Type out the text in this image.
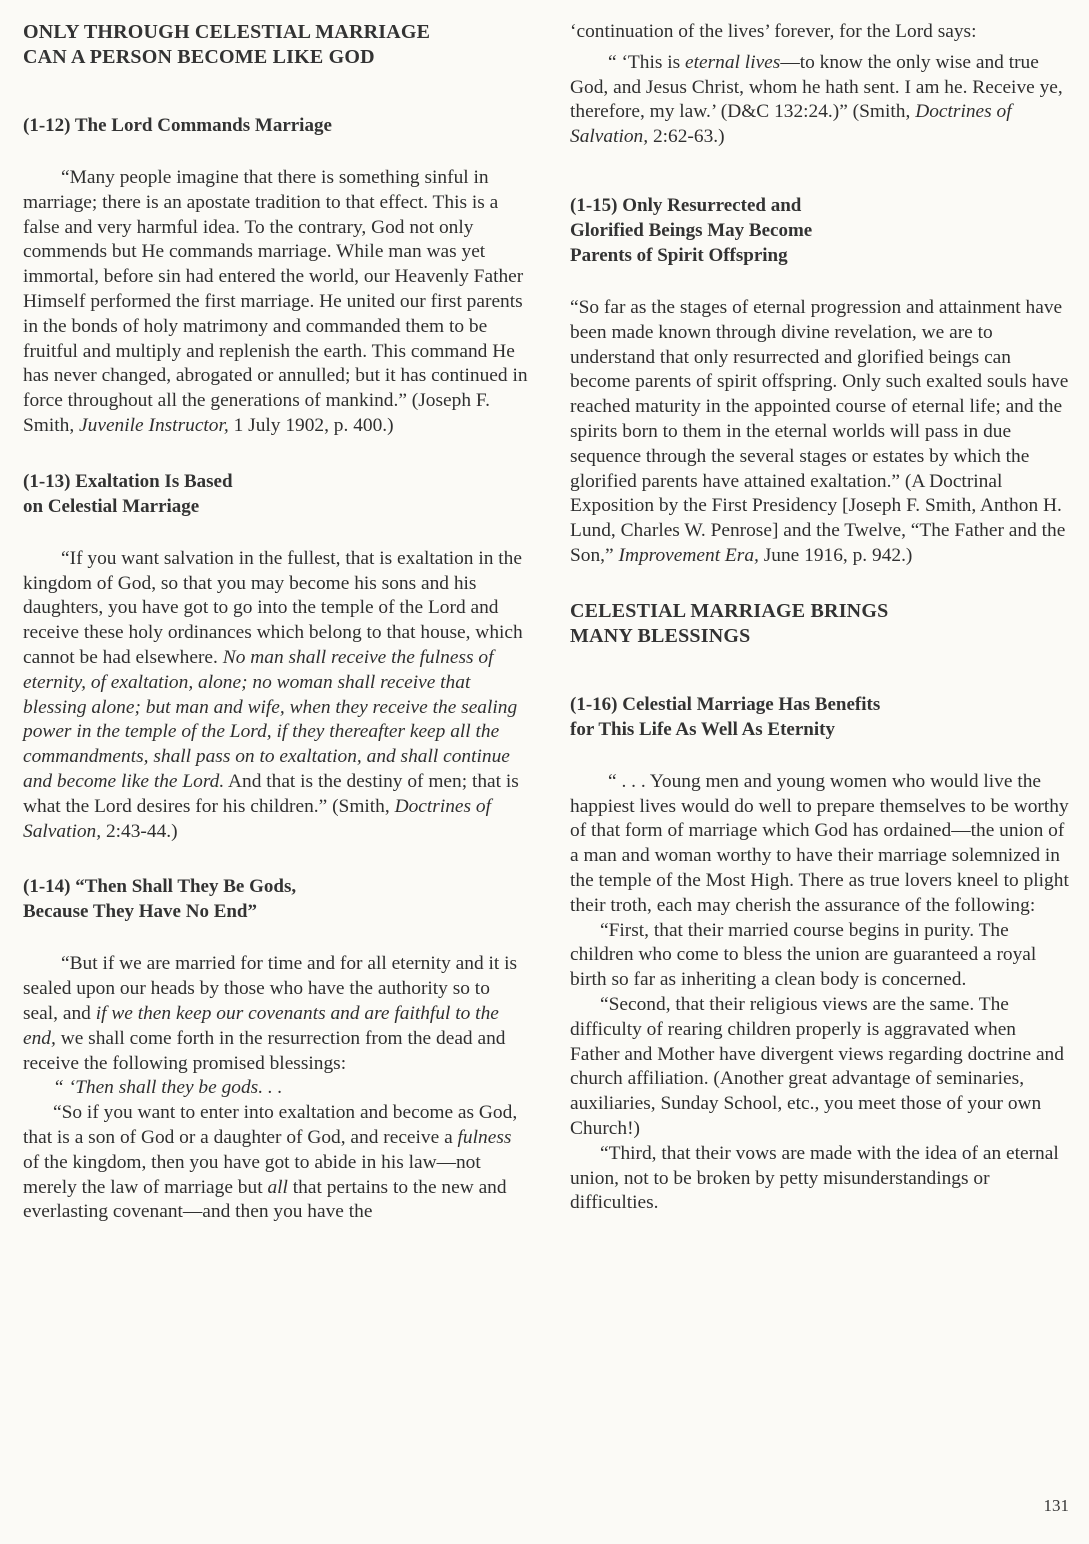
ONLY THROUGH CELESTIAL MARRIAGE
CAN A PERSON BECOME LIKE GOD
(1-12) The Lord Commands Marriage

“Many people imagine that there is something sinful in marriage; there is an apostate tradition to that effect. This is a false and very harmful idea. To the contrary, God not only commends but He commands marriage. While man was yet immortal, before sin had entered the world, our Heavenly Father Himself performed the first marriage. He united our first parents in the bonds of holy matrimony and commanded them to be fruitful and multiply and replenish the earth. This command He has never changed, abrogated or annulled; but it has continued in force throughout all the generations of mankind.” (Joseph F. Smith, Juvenile Instructor, 1 July 1902, p. 400.)

(1-13) Exaltation Is Based
on Celestial Marriage

“If you want salvation in the fullest, that is exaltation in the kingdom of God, so that you may become his sons and his daughters, you have got to go into the temple of the Lord and receive these holy ordinances which belong to that house, which cannot be had elsewhere. No man shall receive the fulness of eternity, of exaltation, alone; no woman shall receive that blessing alone; but man and wife, when they receive the sealing power in the temple of the Lord, if they thereafter keep all the commandments, shall pass on to exaltation, and shall continue and become like the Lord. And that is the destiny of men; that is what the Lord desires for his children.” (Smith, Doctrines of Salvation, 2:43-44.)

(1-14) “Then Shall They Be Gods,
Because They Have No End”

“But if we are married for time and for all eternity and it is sealed upon our heads by those who have the authority so to seal, and if we then keep our covenants and are faithful to the end, we shall come forth in the resurrection from the dead and receive the following promised blessings:

“ ‘Then shall they be gods. . .

“So if you want to enter into exaltation and become as God, that is a son of God or a daughter of God, and receive a fulness of the kingdom, then you have got to abide in his law—not merely the law of marriage but all that pertains to the new and everlasting covenant—and then you have the

‘continuation of the lives’ forever, for the Lord says:

“ ‘This is eternal lives—to know the only wise and true God, and Jesus Christ, whom he hath sent. I am he. Receive ye, therefore, my law.’ (D&C 132:24.)” (Smith, Doctrines of Salvation, 2:62-63.)

(1-15) Only Resurrected and
Glorified Beings May Become
Parents of Spirit Offspring

“So far as the stages of eternal progression and attainment have been made known through divine revelation, we are to understand that only resurrected and glorified beings can become parents of spirit offspring. Only such exalted souls have reached maturity in the appointed course of eternal life; and the spirits born to them in the eternal worlds will pass in due sequence through the several stages or estates by which the glorified parents have attained exaltation.” (A Doctrinal Exposition by the First Presidency [Joseph F. Smith, Anthon H. Lund, Charles W. Penrose] and the Twelve, “The Father and the Son,” Improvement Era, June 1916, p. 942.)

CELESTIAL MARRIAGE BRINGS
MANY BLESSINGS
(1-16) Celestial Marriage Has Benefits
for This Life As Well As Eternity

“ . . . Young men and young women who would live the happiest lives would do well to prepare themselves to be worthy of that form of marriage which God has ordained—the union of a man and woman worthy to have their marriage solemnized in the temple of the Most High. There as true lovers kneel to plight their troth, each may cherish the assurance of the following:

“First, that their married course begins in purity. The children who come to bless the union are guaranteed a royal birth so far as inheriting a clean body is concerned.

“Second, that their religious views are the same. The difficulty of rearing children properly is aggravated when Father and Mother have divergent views regarding doctrine and church affiliation. (Another great advantage of seminaries, auxiliaries, Sunday School, etc., you meet those of your own Church!)

“Third, that their vows are made with the idea of an eternal union, not to be broken by petty misunderstandings or difficulties.

131
